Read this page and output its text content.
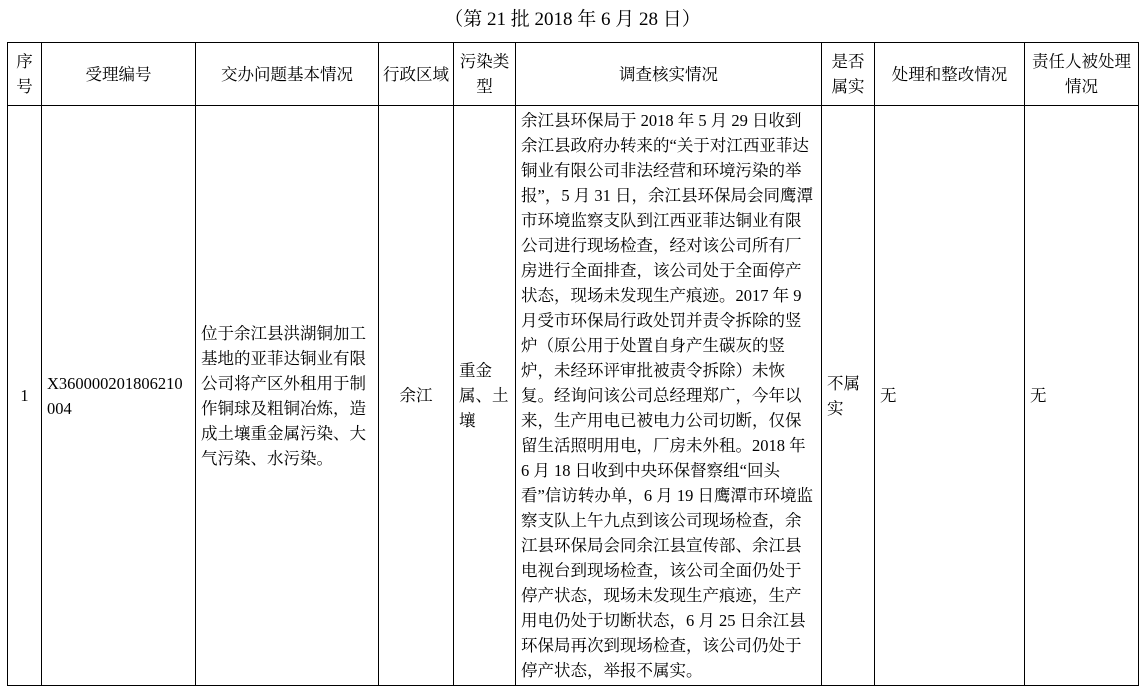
（第 21 批 2018 年 6 月 28 日）
序号	受理编号	交办问题基本情况	行政区域	污染类型	调查核实情况	是否属实	处理和整改情况	责任人被处理情况
1	X360000201806210004	位于余江县洪湖铜加工基地的亚菲达铜业有限公司将产区外租用于制作铜球及粗铜冶炼，造成土壤重金属污染、大气污染、水污染。	余江	重金属、土壤	余江县环保局于 2018 年 5 月 29 日收到余江县政府办转来的“关于对江西亚菲达铜业有限公司非法经营和环境污染的举报”，5 月 31 日，余江县环保局会同鹰潭市环境监察支队到江西亚菲达铜业有限公司进行现场检查，经对该公司所有厂房进行全面排查，该公司处于全面停产状态，现场未发现生产痕迹。2017 年 9 月受市环保局行政处罚并责令拆除的竖炉（原公用于处置自身产生碳灰的竖炉，未经环评审批被责令拆除）未恢复。经询问该公司总经理郑广，今年以来，生产用电已被电力公司切断，仅保留生活照明用电，厂房未外租。2018 年 6 月 18 日收到中央环保督察组“回头看”信访转办单，6 月 19 日鹰潭市环境监察支队上午九点到该公司现场检查，余江县环保局会同余江县宣传部、余江县电视台到现场检查，该公司全面仍处于停产状态，现场未发现生产痕迹，生产用电仍处于切断状态，6 月 25 日余江县环保局再次到现场检查，该公司仍处于停产状态，举报不属实。	不属实	无	无
